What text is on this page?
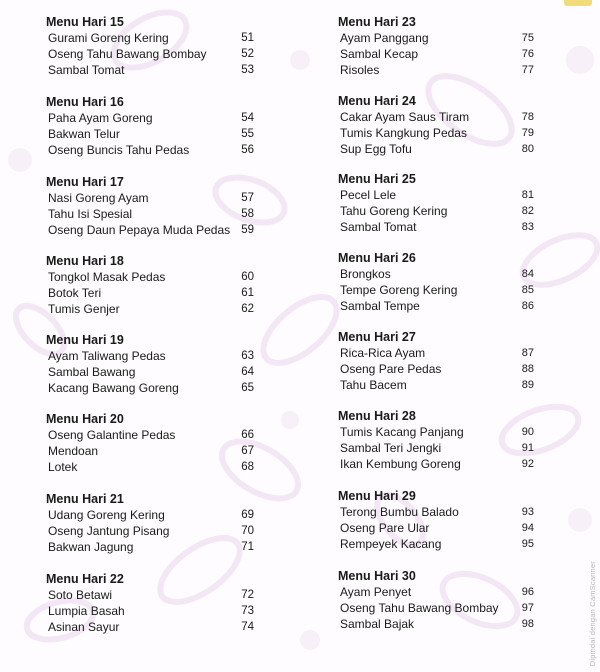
Menu Hari 15
Gurami Goreng Kering	51
Oseng Tahu Bawang Bombay	52
Sambal Tomat	53
Menu Hari 16
Paha Ayam Goreng	54
Bakwan Telur	55
Oseng Buncis Tahu Pedas	56
Menu Hari 17
Nasi Goreng Ayam	57
Tahu Isi Spesial	58
Oseng Daun Pepaya Muda Pedas 59
Menu Hari 18
Tongkol Masak Pedas	60
Botok Teri	61
Tumis Genjer	62
Menu Hari 19
Ayam Taliwang Pedas	63
Sambal Bawang	64
Kacang Bawang Goreng	65
Menu Hari 20
Oseng Galantine Pedas	66
Mendoan	67
Lotek	68
Menu Hari 21
Udang Goreng Kering	69
Oseng Jantung Pisang	70
Bakwan Jagung	71
Menu Hari 22
Soto Betawi	72
Lumpia Basah	73
Asinan Sayur	74
Menu Hari 23
Ayam Panggang	75
Sambal Kecap	76
Risoles	77
Menu Hari 24
Cakar Ayam Saus Tiram	78
Tumis Kangkung Pedas	79
Sup Egg Tofu	80
Menu Hari 25
Pecel Lele	81
Tahu Goreng Kering	82
Sambal Tomat	83
Menu Hari 26
Brongkos	84
Tempe Goreng Kering	85
Sambal Tempe	86
Menu Hari 27
Rica-Rica Ayam	87
Oseng Pare Pedas	88
Tahu Bacem	89
Menu Hari 28
Tumis Kacang Panjang	90
Sambal Teri Jengki	91
Ikan Kembung Goreng	92
Menu Hari 29
Terong Bumbu Balado	93
Oseng Pare Ular	94
Rempeyek Kacang	95
Menu Hari 30
Ayam Penyet	96
Oseng Tahu Bawang Bombay 97
Sambal Bajak	98	Dipindai dengan CamScanner
